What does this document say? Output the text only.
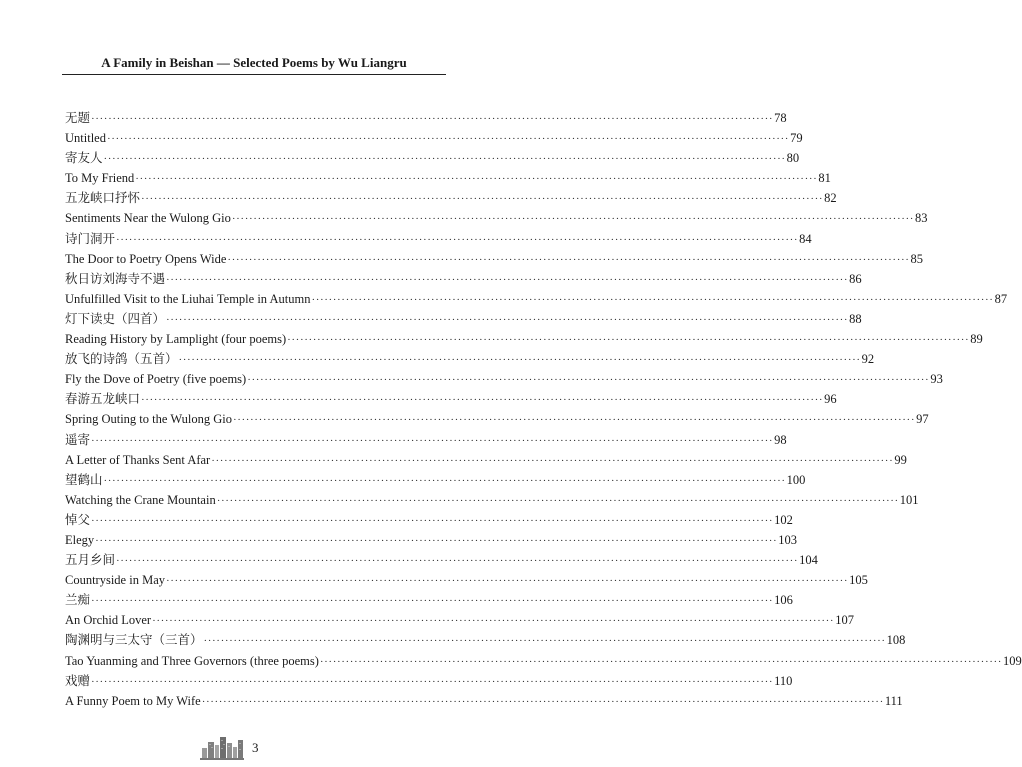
A Family in Beishan — Selected Poems by Wu Liangru
无题 ································································································································································ 78
Untitled ································································································································································ 79
寄友人 ································································································································································ 80
To My Friend ································································································································································ 81
五龙峡口抒怀 ································································································································································ 82
Sentiments Near the Wulong Gio ································································································································································ 83
诗门洞开 ································································································································································ 84
The Door to Poetry Opens Wide ································································································································································ 85
秋日访刘海寺不遇 ································································································································································ 86
Unfulfilled Visit to the Liuhai Temple in Autumn ································································································································································ 87
灯下读史（四首） ································································································································································ 88
Reading History by Lamplight (four poems) ································································································································································ 89
放飞的诗鸽（五首） ································································································································································ 92
Fly the Dove of Poetry (five poems) ································································································································································ 93
春游五龙峡口 ································································································································································ 96
Spring Outing to the Wulong Gio ································································································································································ 97
遥寄 ································································································································································ 98
A Letter of Thanks Sent Afar ································································································································································ 99
望鹤山 ································································································································································ 100
Watching the Crane Mountain ································································································································································ 101
悼父 ································································································································································ 102
Elegy ································································································································································ 103
五月乡间 ································································································································································ 104
Countryside in May ································································································································································ 105
兰痴 ································································································································································ 106
An Orchid Lover ································································································································································ 107
陶渊明与三太守（三首） ································································································································································ 108
Tao Yuanming and Three Governors (three poems) ································································································································································ 109
戏赠 ································································································································································ 110
A Funny Poem to My Wife ································································································································································ 111
3
